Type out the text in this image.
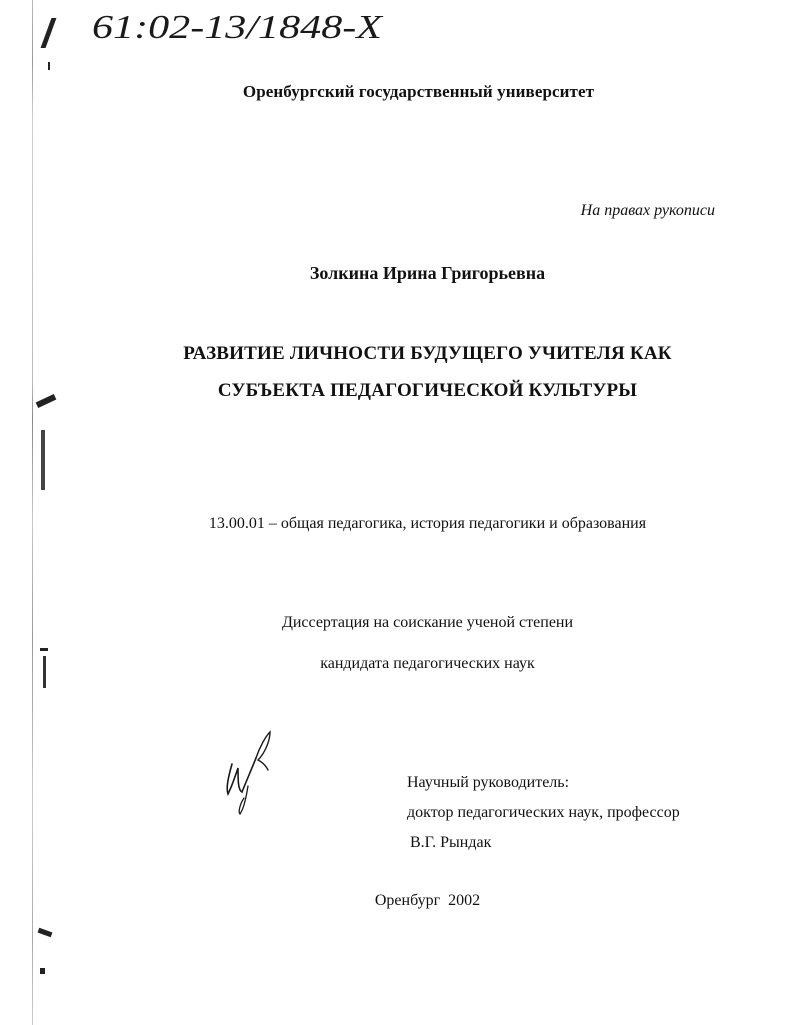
61:02-13/1848-X
Оренбургский государственный университет
На правах рукописи
Золкина Ирина Григорьевна
РАЗВИТИЕ ЛИЧНОСТИ БУДУЩЕГО УЧИТЕЛЯ КАК
СУБЪЕКТА ПЕДАГОГИЧЕСКОЙ КУЛЬТУРЫ
13.00.01 – общая педагогика, история педагогики и образования
Диссертация на соискание ученой степени
кандидата педагогических наук
Научный руководитель:
доктор педагогических наук, профессор
В.Г. Рындак
Оренбург  2002
